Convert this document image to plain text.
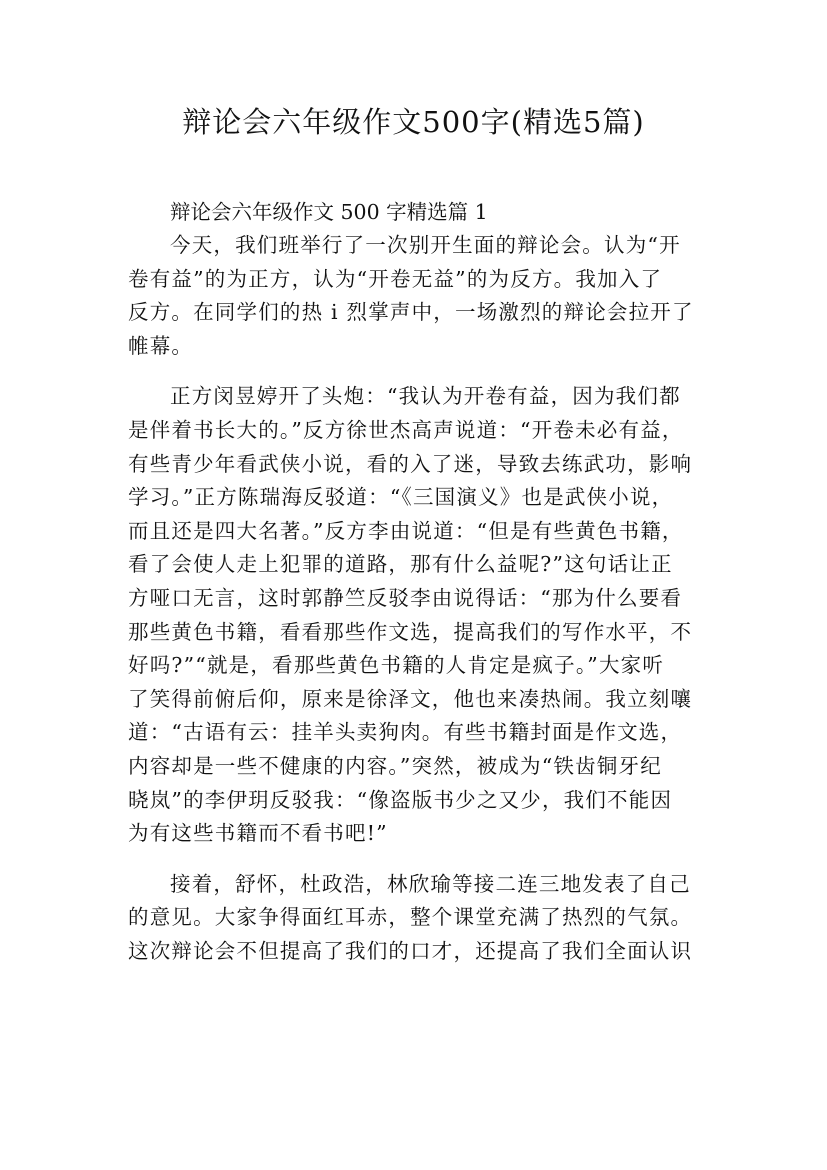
辩论会六年级作文500字(精选5篇)

辩论会六年级作文 500 字精选篇 1

今天，我们班举行了一次别开生面的辩论会。认为“开
卷有益”的为正方，认为“开卷无益”的为反方。我加入了
反方。在同学们的热 i 烈掌声中，一场激烈的辩论会拉开了
帷幕。

正方闵昱婷开了头炮：“我认为开卷有益，因为我们都
是伴着书长大的。”反方徐世杰高声说道：“开卷未必有益，
有些青少年看武侠小说，看的入了迷，导致去练武功，影响
学习。”正方陈瑞海反驳道：“《三国演义》也是武侠小说，
而且还是四大名著。”反方李由说道：“但是有些黄色书籍，
看了会使人走上犯罪的道路，那有什么益呢?”这句话让正
方哑口无言，这时郭静竺反驳李由说得话：“那为什么要看
那些黄色书籍，看看那些作文选，提高我们的写作水平，不
好吗?”“就是，看那些黄色书籍的人肯定是疯子。”大家听
了笑得前俯后仰，原来是徐泽文，他也来凑热闹。我立刻嚷
道：“古语有云：挂羊头卖狗肉。有些书籍封面是作文选，
内容却是一些不健康的内容。”突然，被成为“铁齿铜牙纪
晓岚”的李伊玥反驳我：“像盗版书少之又少，我们不能因
为有这些书籍而不看书吧!”

接着，舒怀，杜政浩，林欣瑜等接二连三地发表了自己
的意见。大家争得面红耳赤，整个课堂充满了热烈的气氛。
这次辩论会不但提高了我们的口才，还提高了我们全面认识
